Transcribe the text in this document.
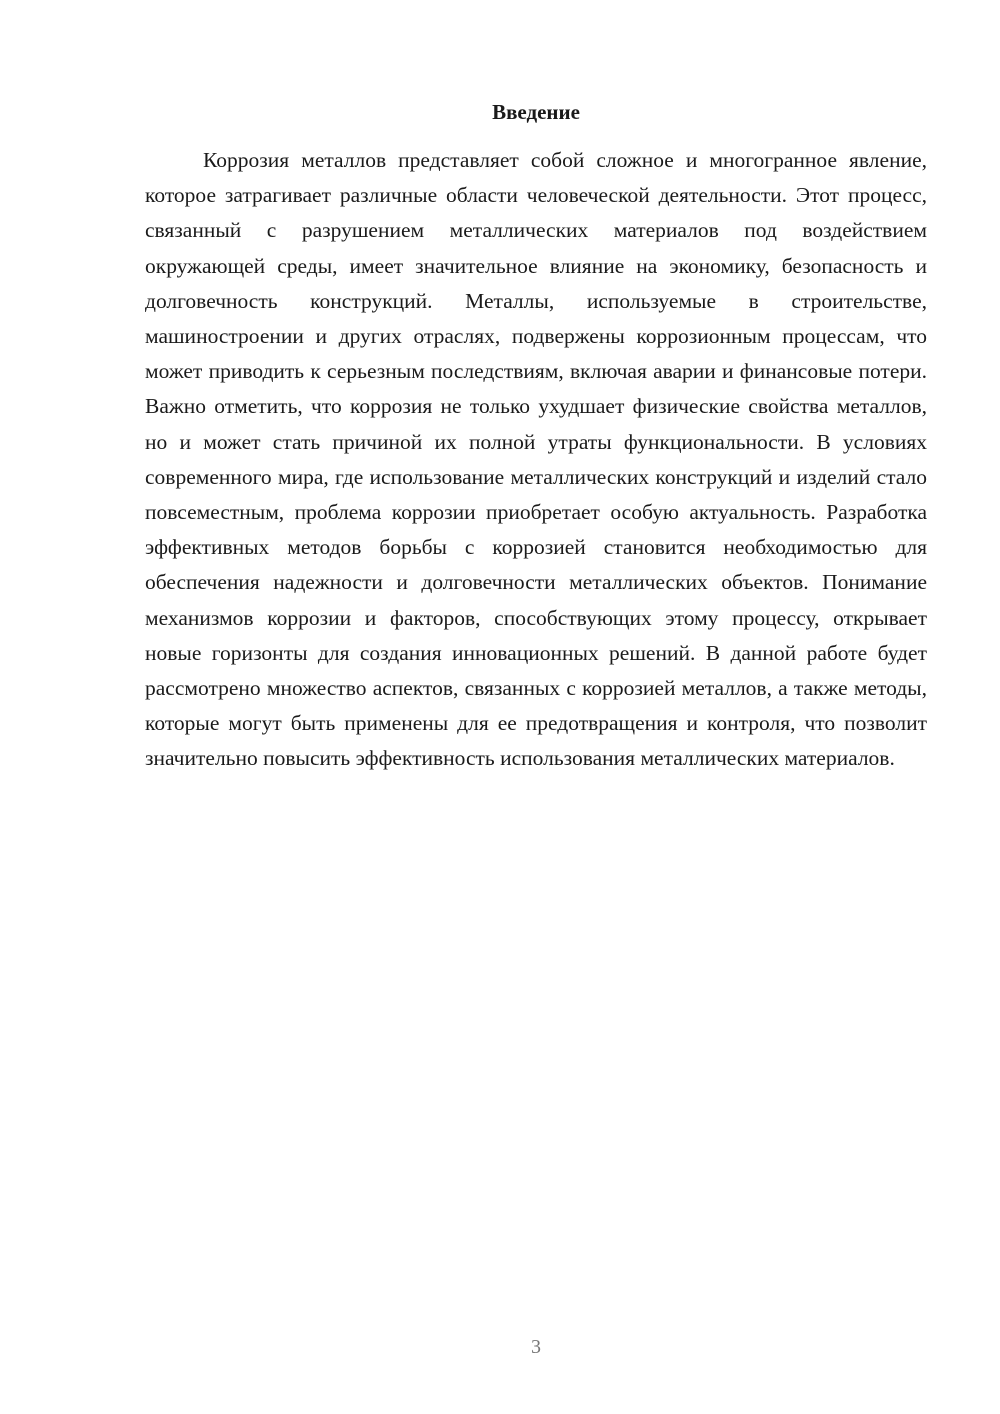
Введение

Коррозия металлов представляет собой сложное и многогранное явление, которое затрагивает различные области человеческой деятельности. Этот процесс, связанный с разрушением металлических материалов под воздействием окружающей среды, имеет значительное влияние на экономику, безопасность и долговечность конструкций. Металлы, используемые в строительстве, машиностроении и других отраслях, подвержены коррозионным процессам, что может приводить к серьезным последствиям, включая аварии и финансовые потери. Важно отметить, что коррозия не только ухудшает физические свойства металлов, но и может стать причиной их полной утраты функциональности. В условиях современного мира, где использование металлических конструкций и изделий стало повсеместным, проблема коррозии приобретает особую актуальность. Разработка эффективных методов борьбы с коррозией становится необходимостью для обеспечения надежности и долговечности металлических объектов. Понимание механизмов коррозии и факторов, способствующих этому процессу, открывает новые горизонты для создания инновационных решений. В данной работе будет рассмотрено множество аспектов, связанных с коррозией металлов, а также методы, которые могут быть применены для ее предотвращения и контроля, что позволит значительно повысить эффективность использования металлических материалов.

3
